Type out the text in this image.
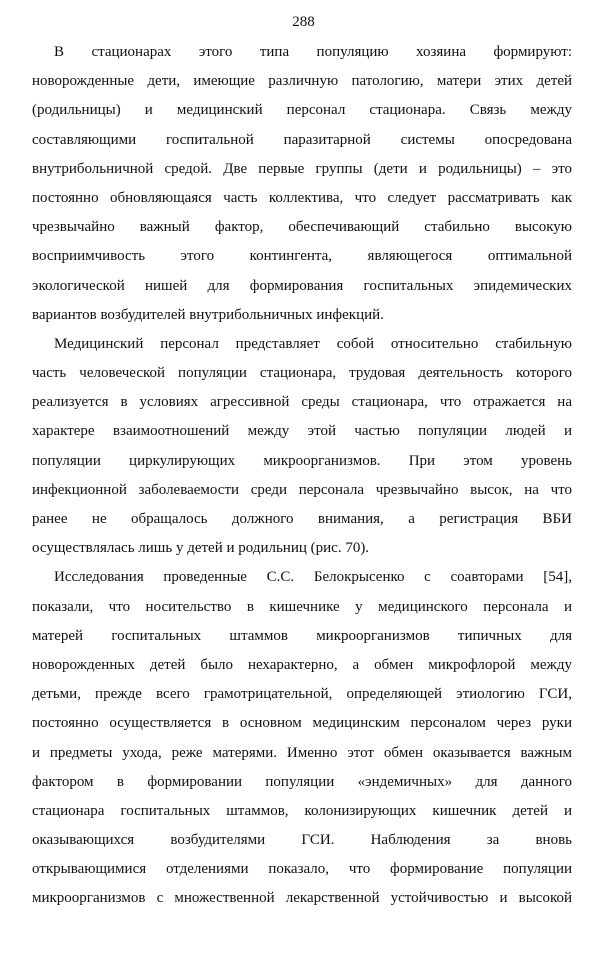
288
В стационарах этого типа популяцию хозяина формируют:
новорожденные дети, имеющие различную патологию, матери этих детей
(родильницы) и медицинский персонал стационара. Связь между
составляющими госпитальной паразитарной системы опосредована
внутрибольничной средой. Две первые группы (дети и родильницы) – это
постоянно обновляющаяся часть коллектива, что следует рассматривать как
чрезвычайно важный фактор, обеспечивающий стабильно высокую
восприимчивость этого контингента, являющегося оптимальной
экологической нишей для формирования госпитальных эпидемических
вариантов возбудителей внутрибольничных инфекций.
Медицинский персонал представляет собой относительно стабильную
часть человеческой популяции стационара, трудовая деятельность которого
реализуется в условиях агрессивной среды стационара, что отражается на
характере взаимоотношений между этой частью популяции людей и
популяции циркулирующих микроорганизмов. При этом уровень
инфекционной заболеваемости среди персонала чрезвычайно высок, на что
ранее не обращалось должного внимания, а регистрация ВБИ
осуществлялась лишь у детей и родильниц (рис. 70).
Исследования проведенные С.С. Белокрысенко с соавторами [54],
показали, что носительство в кишечнике у медицинского персонала и
матерей госпитальных штаммов микроорганизмов типичных для
новорожденных детей было нехарактерно, а обмен микрофлорой между
детьми, прежде всего грамотрицательной, определяющей этиологию ГСИ,
постоянно осуществляется в основном медицинским персоналом через руки
и предметы ухода, реже матерями. Именно этот обмен оказывается важным
фактором в формировании популяции «эндемичных» для данного
стационара госпитальных штаммов, колонизирующих кишечник детей и
оказывающихся возбудителями ГСИ. Наблюдения за вновь
открывающимися отделениями показало, что формирование популяции
микроорганизмов с множественной лекарственной устойчивостью и высокой
